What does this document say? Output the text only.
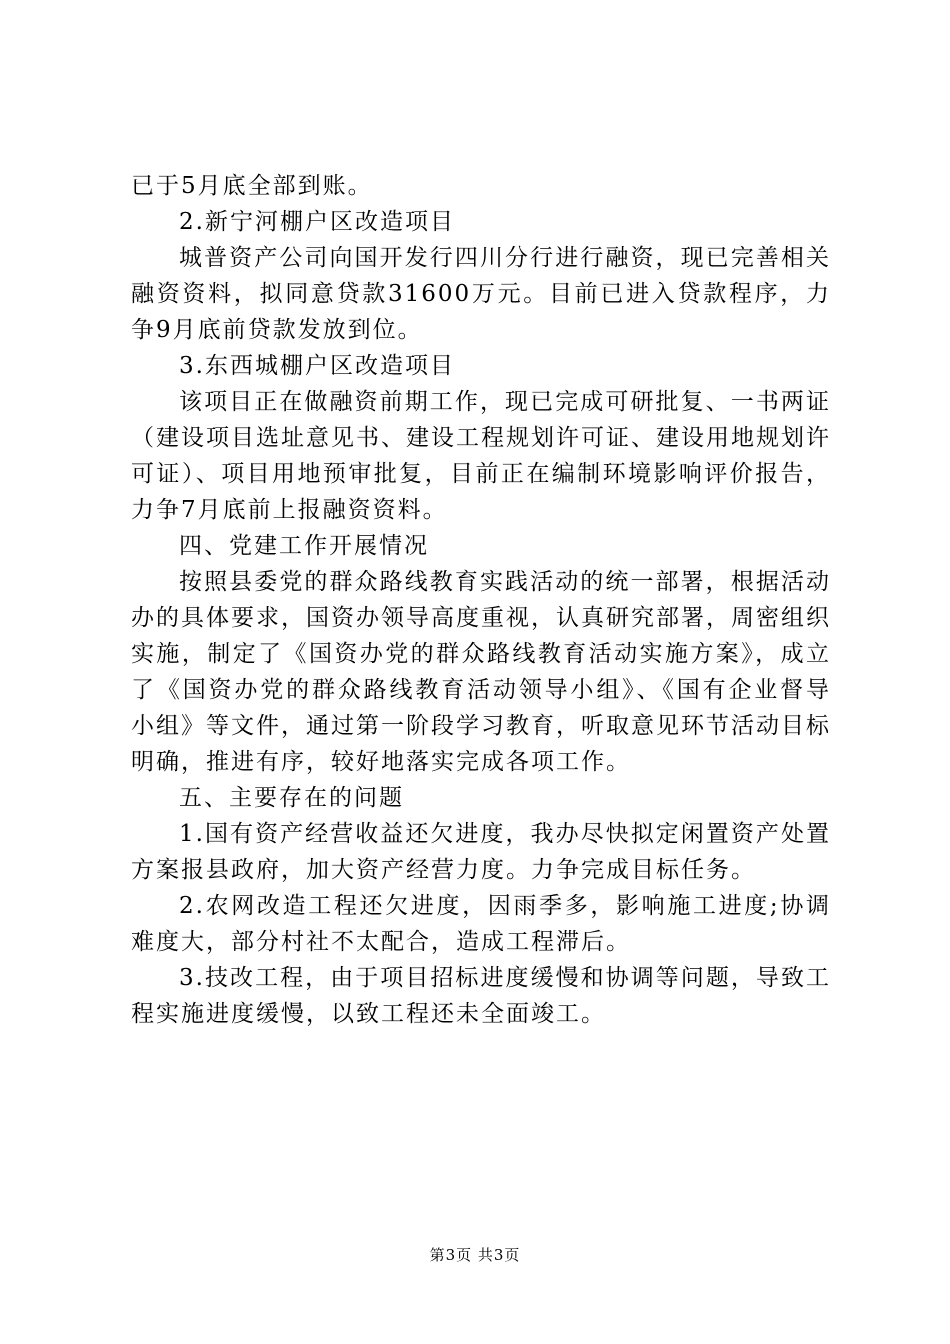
已于5月底全部到账。

2.新宁河棚户区改造项目

城普资产公司向国开发行四川分行进行融资，现已完善相关融资资料，拟同意贷款31600万元。目前已进入贷款程序，力争9月底前贷款发放到位。

3.东西城棚户区改造项目

该项目正在做融资前期工作，现已完成可研批复、一书两证（建设项目选址意见书、建设工程规划许可证、建设用地规划许可证）、项目用地预审批复，目前正在编制环境影响评价报告，力争7月底前上报融资资料。

四、党建工作开展情况

按照县委党的群众路线教育实践活动的统一部署，根据活动办的具体要求，国资办领导高度重视，认真研究部署，周密组织实施，制定了《国资办党的群众路线教育活动实施方案》，成立了《国资办党的群众路线教育活动领导小组》、《国有企业督导小组》等文件，通过第一阶段学习教育，听取意见环节活动目标明确，推进有序，较好地落实完成各项工作。

五、主要存在的问题

1.国有资产经营收益还欠进度，我办尽快拟定闲置资产处置方案报县政府，加大资产经营力度。力争完成目标任务。

2.农网改造工程还欠进度，因雨季多，影响施工进度;协调难度大，部分村社不太配合，造成工程滞后。

3.技改工程，由于项目招标进度缓慢和协调等问题，导致工程实施进度缓慢，以致工程还未全面竣工。

第3页 共3页
